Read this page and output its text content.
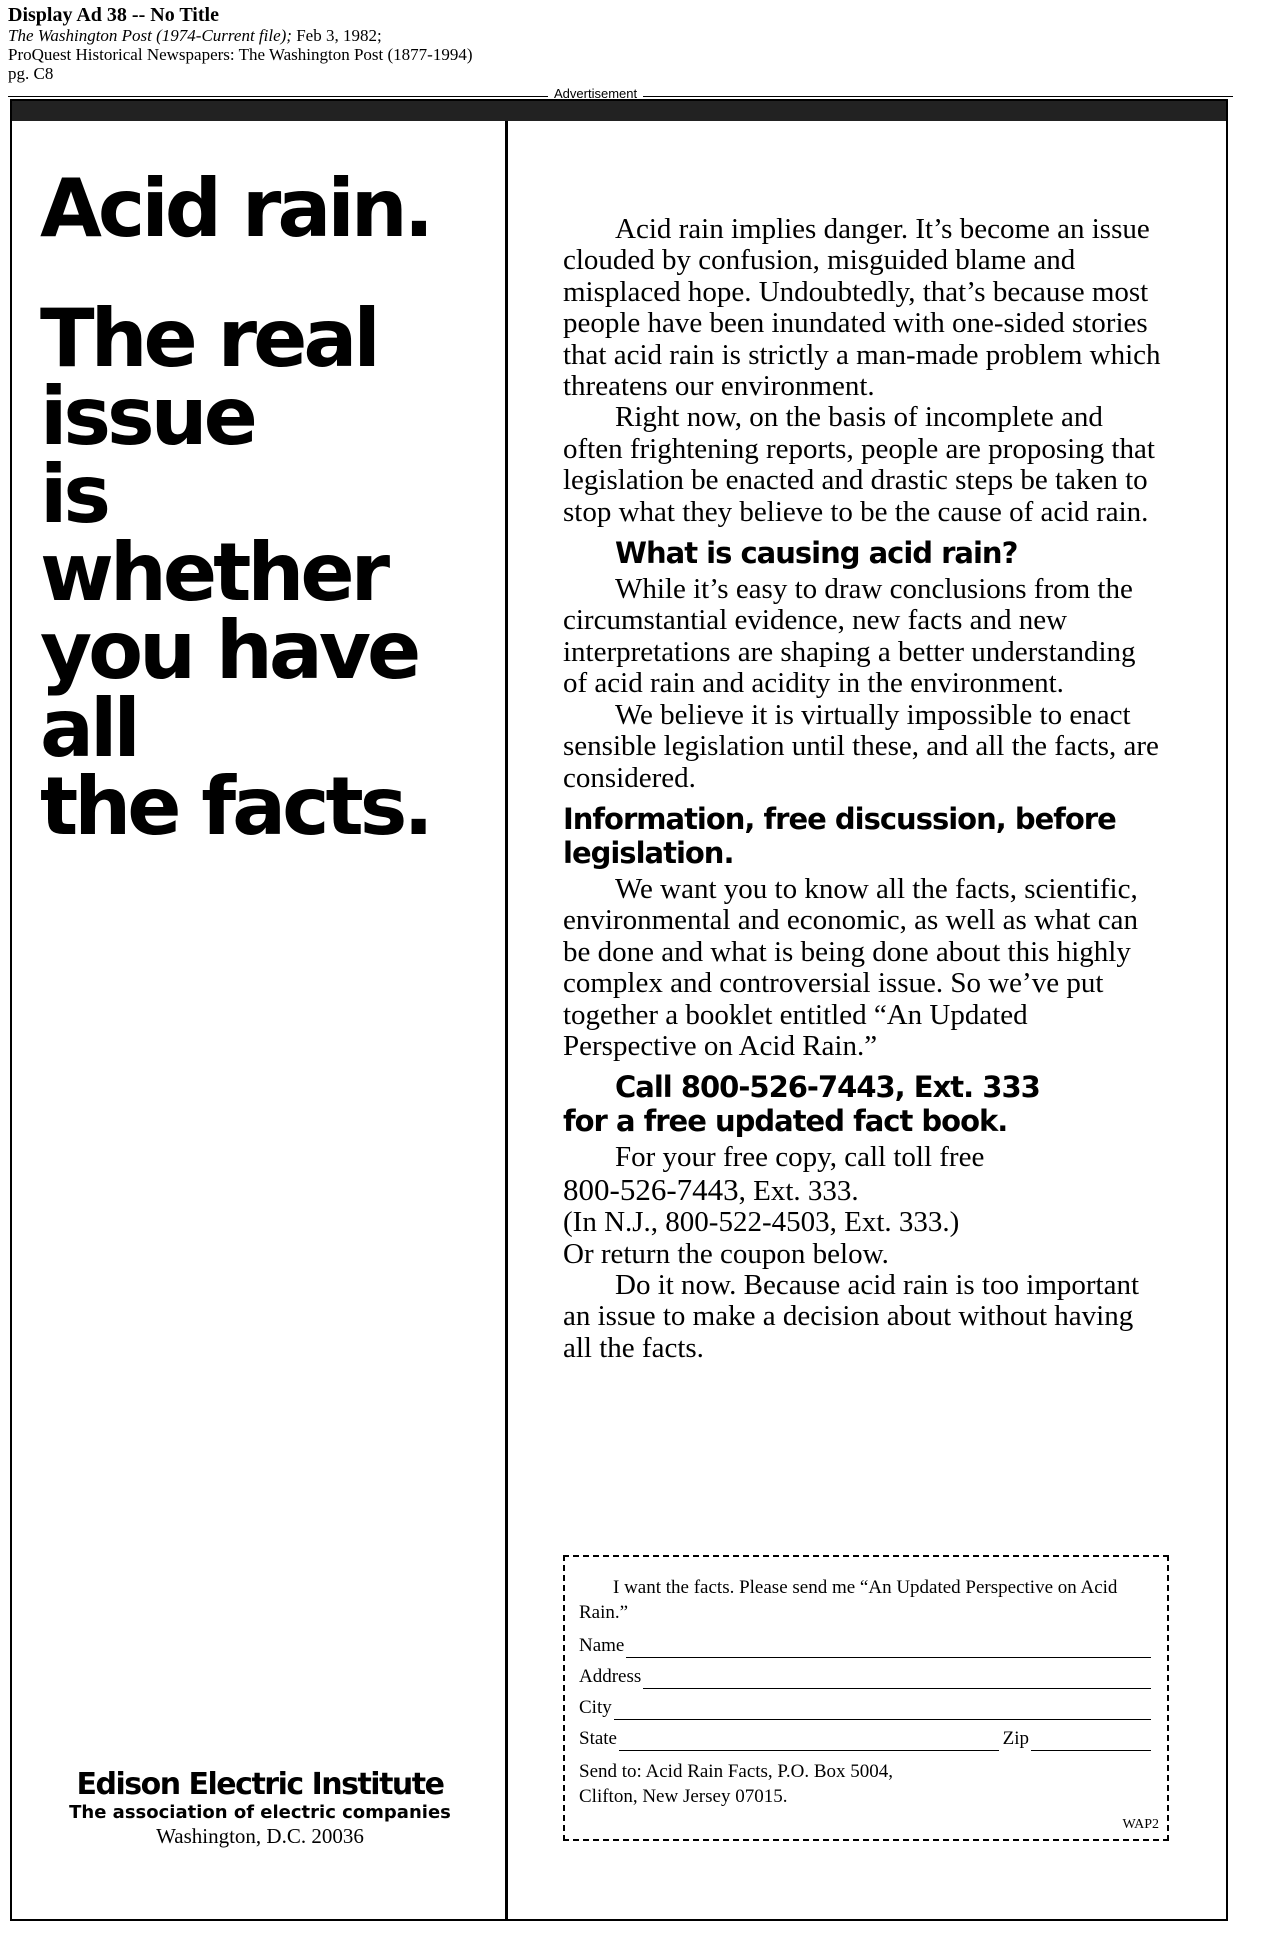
Display Ad 38 -- No Title
The Washington Post (1974-Current file); Feb 3, 1982;
ProQuest Historical Newspapers: The Washington Post (1877-1994)
pg. C8
Advertisement
Acid rain.
The real
issue
is
whether
you have
all
the facts.
Edison Electric Institute
The association of electric companies
Washington, D.C. 20036

Acid rain implies danger. It’s become an issue clouded by confusion, misguided blame and misplaced hope. Undoubtedly, that’s because most people have been inundated with one-sided stories that acid rain is strictly a man-made problem which threatens our environment.

Right now, on the basis of incomplete and often frightening reports, people are proposing that legislation be enacted and drastic steps be taken to stop what they believe to be the cause of acid rain.

What is causing acid rain?

While it’s easy to draw conclusions from the circumstantial evidence, new facts and new interpretations are shaping a better understanding of acid rain and acidity in the environment.

We believe it is virtually impossible to enact sensible legislation until these, and all the facts, are considered.

Information, free discussion, before legislation.

We want you to know all the facts, scientific, environmental and economic, as well as what can be done and what is being done about this highly complex and controversial issue. So we’ve put together a booklet entitled “An Updated Perspective on Acid Rain.”

Call 800-526-7443, Ext. 333
for a free updated fact book.

For your free copy, call toll free

800-526-7443, Ext. 333.

(In N.J., 800-522-4503, Ext. 333.)

Or return the coupon below.

Do it now. Because acid rain is too important an issue to make a decision about without having all the facts.

I want the facts. Please send me “An Updated Perspective on Acid Rain.”

Name
Address
City
State	Zip
Send to: Acid Rain Facts, P.O. Box 5004,
Clifton, New Jersey 07015.
WAP2
